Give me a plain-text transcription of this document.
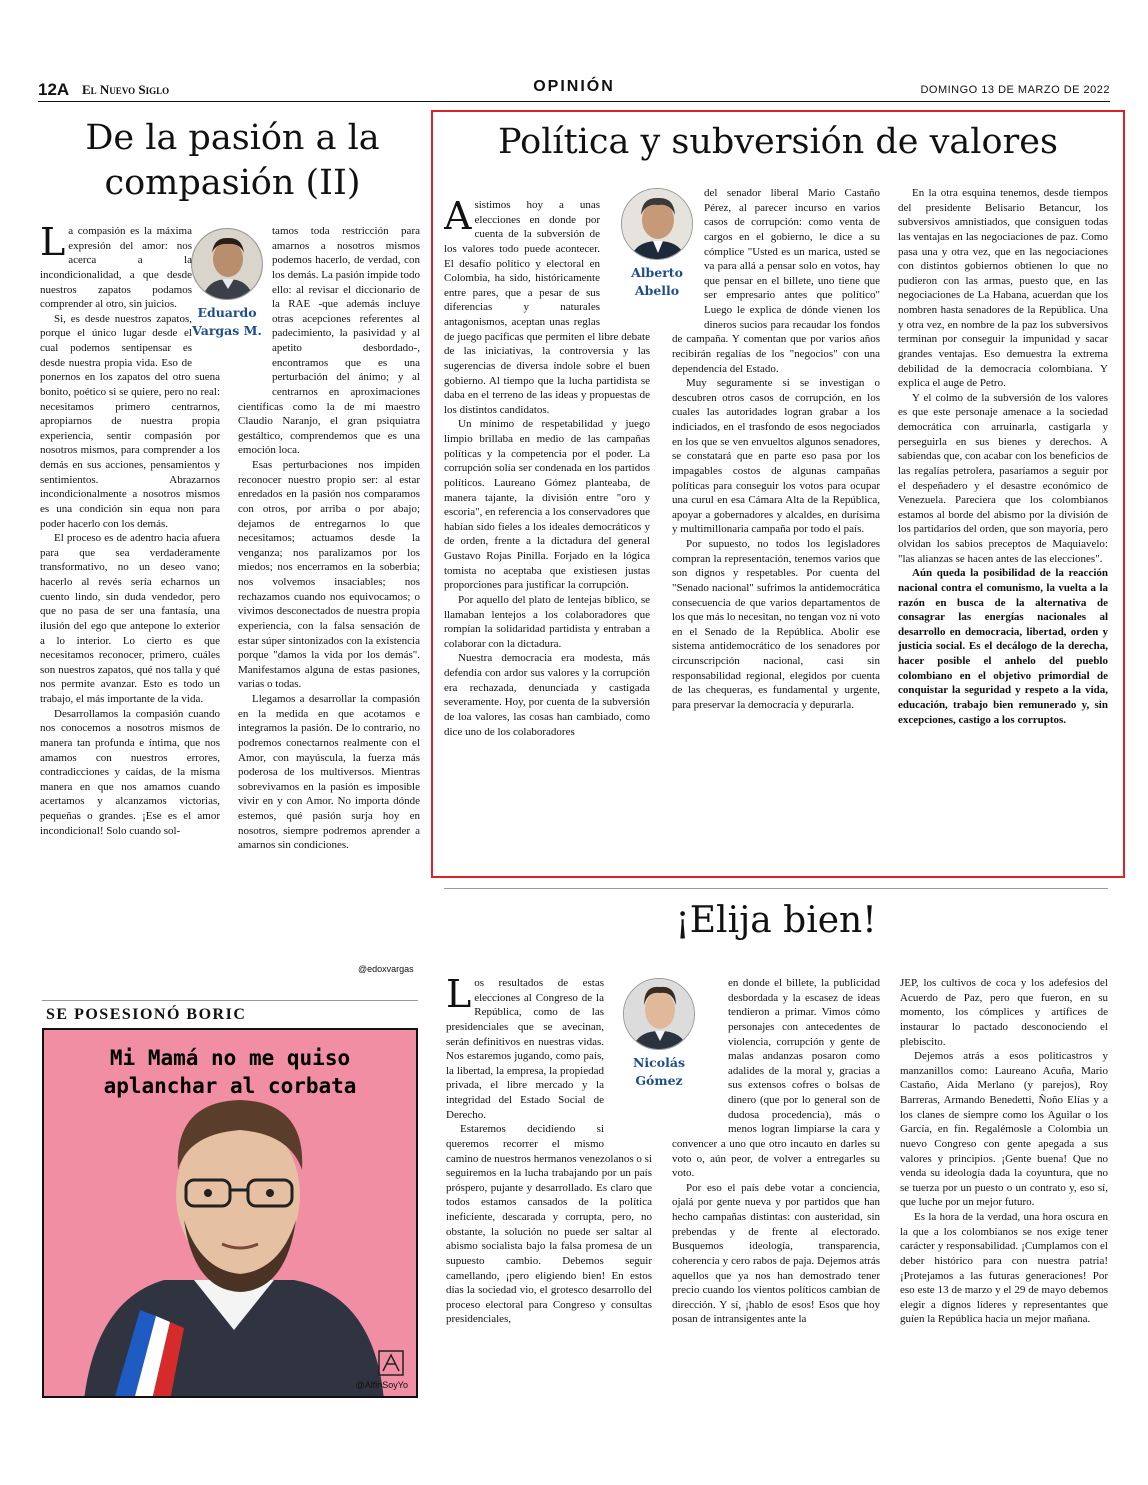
12A El Nuevo Siglo	OPINIÓN	DOMINGO 13 DE MARZO DE 2022
De la pasión a la
compasión (II)
Eduardo
Vargas M.

La compasión es la máxima expresión del amor: nos acerca a la incondicionalidad, a que desde nuestros zapatos podamos comprender al otro, sin juicios.

Si, es desde nuestros zapatos, porque el único lugar desde el cual podemos sentipensar es desde nuestra propia vida. Eso de ponernos en los zapatos del otro suena bonito, poético si se quiere, pero no real: necesitamos primero centrarnos, apropiarnos de nuestra propia experiencia, sentir compasión por nosotros mismos, para comprender a los demás en sus acciones, pensamientos y sentimientos. Abrazarnos incondicionalmente a nosotros mismos es una condición sin equa non para poder hacerlo con los demás.

El proceso es de adentro hacia afuera para que sea verdaderamente transformativo, no un deseo vano; hacerlo al revés sería echarnos un cuento lindo, sin duda vendedor, pero que no pasa de ser una fantasía, una ilusión del ego que antepone lo exterior a lo interior. Lo cierto es que necesitamos reconocer, primero, cuáles son nuestros zapatos, qué nos talla y qué nos permite avanzar. Esto es todo un trabajo, el más importante de la vida.

Desarrollamos la compasión cuando nos conocemos a nosotros mismos de manera tan profunda e íntima, que nos amamos con nuestros errores, contradicciones y caídas, de la misma manera en que nos amamos cuando acertamos y alcanzamos victorias, pequeñas o grandes. ¡Ese es el amor incondicional! Solo cuando sol-

tamos toda restricción para amarnos a nosotros mismos podemos hacerlo, de verdad, con los demás. La pasión impide todo ello: al revisar el diccionario de la RAE -que además incluye otras acepciones referentes al padecimiento, la pasividad y al apetito desbordado-, encontramos que es una perturbación del ánimo; y al centrarnos en aproximaciones científicas como la de mi maestro Claudio Naranjo, el gran psiquiatra gestáltico, comprendemos que es una emoción loca.

Esas perturbaciones nos impiden reconocer nuestro propio ser: al estar enredados en la pasión nos comparamos con otros, por arriba o por abajo; dejamos de entregarnos lo que necesitamos; actuamos desde la venganza; nos paralizamos por los miedos; nos encerramos en la soberbia; nos volvemos insaciables; nos rechazamos cuando nos equivocamos; o vivimos desconectados de nuestra propia experiencia, con la falsa sensación de estar súper sintonizados con la existencia porque "damos la vida por los demás". Manifestamos alguna de estas pasiones, varias o todas.

Llegamos a desarrollar la compasión en la medida en que acotamos e integramos la pasión. De lo contrario, no podremos conectarnos realmente con el Amor, con mayúscula, la fuerza más poderosa de los multiversos. Mientras sobrevivamos en la pasión es imposible vivir en y con Amor. No importa dónde estemos, qué pasión surja hoy en nosotros, siempre podremos aprender a amarnos sin condiciones.

@edoxvargas
SE POSESIONÓ BORIC
Mi Mamá no me quiso
aplanchar al corbata
@AlfinSoyYo
Política y subversión de valores
Alberto
Abello

Asistimos hoy a unas elecciones en donde por cuenta de la subversión de los valores todo puede acontecer. El desafío político y electoral en Colombia, ha sido, históricamente entre pares, que a pesar de sus diferencias y naturales antagonismos, aceptan unas reglas de juego pacíficas que permiten el libre debate de las iniciativas, la controversia y las sugerencias de diversa índole sobre el buen gobierno. Al tiempo que la lucha partidista se daba en el terreno de las ideas y propuestas de los distintos candidatos.

Un mínimo de respetabilidad y juego limpio brillaba en medio de las campañas políticas y la competencia por el poder. La corrupción solía ser condenada en los partidos políticos. Laureano Gómez planteaba, de manera tajante, la división entre "oro y escoria", en referencia a los conservadores que habían sido fieles a los ideales democráticos y de orden, frente a la dictadura del general Gustavo Rojas Pinilla. Forjado en la lógica tomista no aceptaba que existiesen justas proporciones para justificar la corrupción.

Por aquello del plato de lentejas bíblico, se llamaban lentejos a los colaboradores que rompían la solidaridad partidista y entraban a colaborar con la dictadura.

Nuestra democracia era modesta, más defendía con ardor sus valores y la corrupción era rechazada, denunciada y castigada severamente. Hoy, por cuenta de la subversión de loa valores, las cosas han cambiado, como dice uno de los colaboradores

del senador liberal Mario Castaño Pérez, al parecer incurso en varios casos de corrupción: como venta de cargos en el gobierno, le dice a su cómplice "Usted es un marica, usted se va para allá a pensar solo en votos, hay que pensar en el billete, uno tiene que ser empresario antes que político" Luego le explica de dónde vienen los dineros sucios para recaudar los fondos de campaña. Y comentan que por varios años recibirán regalías de los "negocios" con una dependencia del Estado.

Muy seguramente si se investigan o descubren otros casos de corrupción, en los cuales las autoridades logran grabar a los indiciados, en el trasfondo de esos negociados en los que se ven envueltos algunos senadores, se constatará que en parte eso pasa por los impagables costos de algunas campañas políticas para conseguir los votos para ocupar una curul en esa Cámara Alta de la República, apoyar a gobernadores y alcaldes, en durísima y multimillonaria campaña por todo el país.

Por supuesto, no todos los legisladores compran la representación, tenemos varios que son dignos y respetables. Por cuenta del "Senado nacional" sufrimos la antidemocrática consecuencia de que varios departamentos de los que más lo necesitan, no tengan voz ni voto en el Senado de la República. Abolir ese sistema antidemocrático de los senadores por circunscripción nacional, casi sin responsabilidad regional, elegidos por cuenta de las chequeras, es fundamental y urgente, para preservar la democracia y depurarla.

En la otra esquina tenemos, desde tiempos del presidente Belisario Betancur, los subversivos amnistiados, que consiguen todas las ventajas en las negociaciones de paz. Como pasa una y otra vez, que en las negociaciones con distintos gobiernos obtienen lo que no pudieron con las armas, puesto que, en las negociaciones de La Habana, acuerdan que los nombren hasta senadores de la República. Una y otra vez, en nombre de la paz los subversivos terminan por conseguir la impunidad y sacar grandes ventajas. Eso demuestra la extrema debilidad de la democracia colombiana. Y explica el auge de Petro.

Y el colmo de la subversión de los valores es que este personaje amenace a la sociedad democrática con arruinarla, castigarla y perseguirla en sus bienes y derechos. A sabiendas que, con acabar con los beneficios de las regalías petrolera, pasaríamos a seguir por el despeñadero y el desastre económico de Venezuela. Pareciera que los colombianos estamos al borde del abismo por la división de los partidarios del orden, que son mayoría, pero olvidan los sabios preceptos de Maquiavelo: "las alianzas se hacen antes de las elecciones".

Aún queda la posibilidad de la reacción nacional contra el comunismo, la vuelta a la razón en busca de la alternativa de consagrar las energías nacionales al desarrollo en democracia, libertad, orden y justicia social. Es el decálogo de la derecha, hacer posible el anhelo del pueblo colombiano en el objetivo primordial de conquistar la seguridad y respeto a la vida, educación, trabajo bien remunerado y, sin excepciones, castigo a los corruptos.

¡Elija bien!
Nicolás
Gómez

Los resultados de estas elecciones al Congreso de la República, como de las presidenciales que se avecinan, serán definitivos en nuestras vidas. Nos estaremos jugando, como país, la libertad, la empresa, la propiedad privada, el libre mercado y la integridad del Estado Social de Derecho.

Estaremos decidiendo si queremos recorrer el mismo camino de nuestros hermanos venezolanos o si seguiremos en la lucha trabajando por un país próspero, pujante y desarrollado. Es claro que todos estamos cansados de la política ineficiente, descarada y corrupta, pero, no obstante, la solución no puede ser saltar al abismo socialista bajo la falsa promesa de un supuesto cambio. Debemos seguir camellando, ¡pero eligiendo bien! En estos días la sociedad vio, el grotesco desarrollo del proceso electoral para Congreso y consultas presidenciales,

en donde el billete, la publicidad desbordada y la escasez de ideas tendieron a primar. Vimos cómo personajes con antecedentes de violencia, corrupción y gente de malas andanzas posaron como adalides de la moral y, gracias a sus extensos cofres o bolsas de dinero (que por lo general son de dudosa procedencia), más o menos logran limpiarse la cara y convencer a uno que otro incauto en darles su voto o, aún peor, de volver a entregarles su voto.

Por eso el país debe votar a conciencia, ojalá por gente nueva y por partidos que han hecho campañas distintas: con austeridad, sin prebendas y de frente al electorado. Busquemos ideología, transparencia, coherencia y cero rabos de paja. Dejemos atrás aquellos que ya nos han demostrado tener precio cuando los vientos políticos cambian de dirección. Y sí, ¡hablo de esos! Esos que hoy posan de intransigentes ante la

JEP, los cultivos de coca y los adefesios del Acuerdo de Paz, pero que fueron, en su momento, los cómplices y artífices de instaurar lo pactado desconociendo el plebiscito.

Dejemos atrás a esos politicastros y manzanillos como: Laureano Acuña, Mario Castaño, Aida Merlano (y parejos), Roy Barreras, Armando Benedetti, Ñoño Elías y a los clanes de siempre como los Aguilar o los García, en fin. Regalémosle a Colombia un nuevo Congreso con gente apegada a sus valores y principios. ¡Gente buena! Que no venda su ideología dada la coyuntura, que no se tuerza por un puesto o un contrato y, eso sí, que luche por un mejor futuro.

Es la hora de la verdad, una hora oscura en la que a los colombianos se nos exige tener carácter y responsabilidad. ¡Cumplamos con el deber histórico para con nuestra patria! ¡Protejamos a las futuras generaciones! Por eso este 13 de marzo y el 29 de mayo debemos elegir a dignos líderes y representantes que guíen la República hacia un mejor mañana.
